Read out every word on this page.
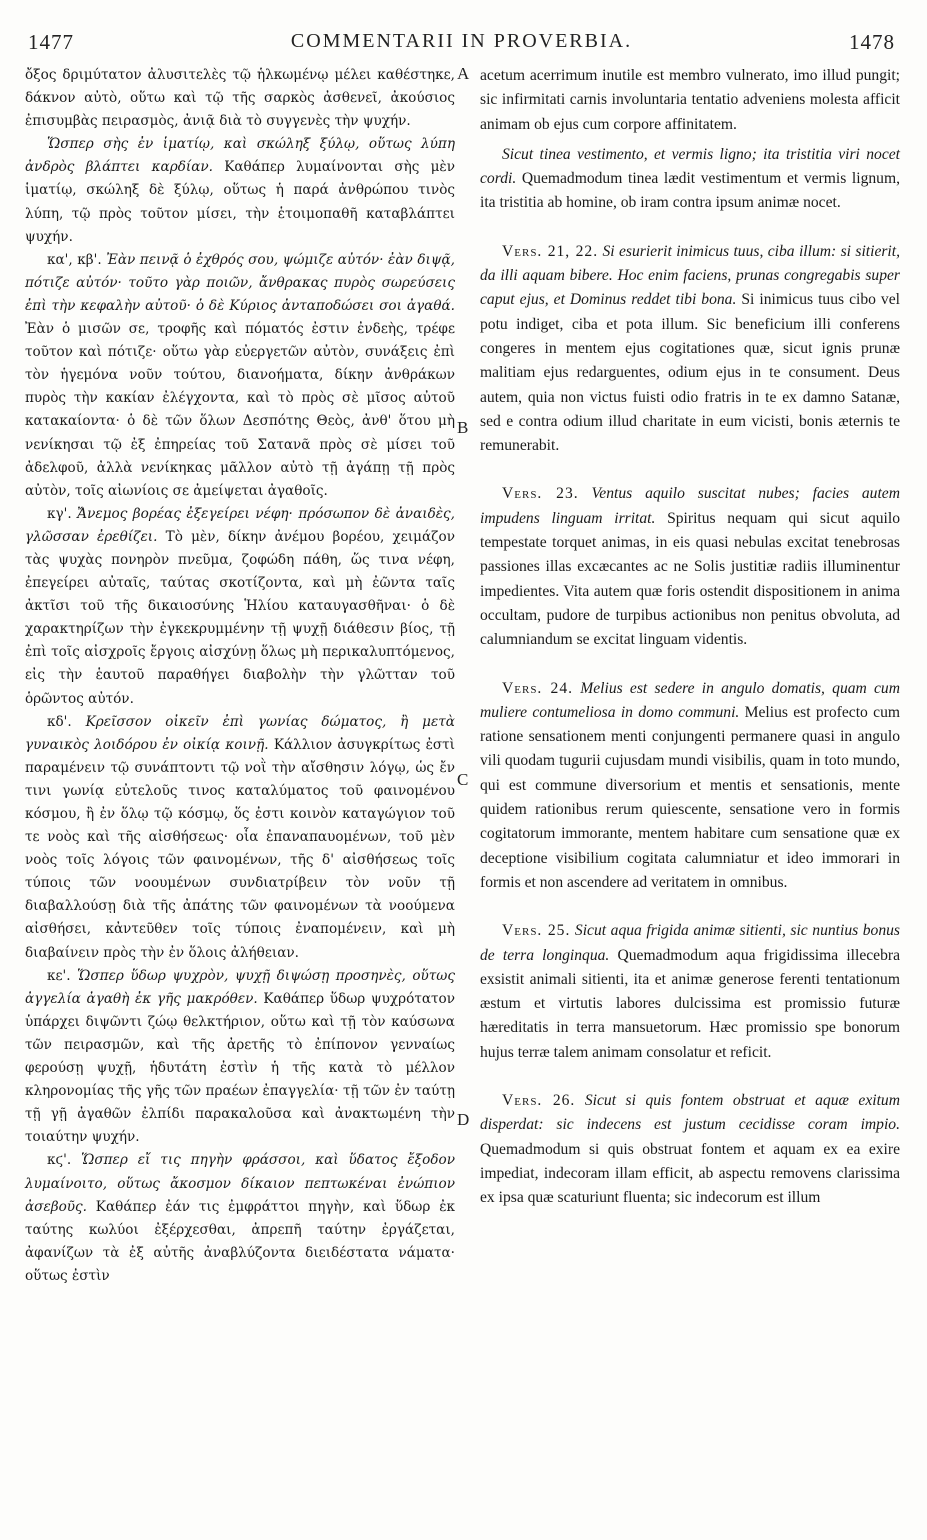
1477	COMMENTARII IN PROVERBIA.	1478

ὄξος δριμύτατον ἀλυσιτελὲς τῷ ἡλκωμένῳ μέλει καθέστηκε, δάκνον αὐτὸ, οὕτω καὶ τῷ τῆς σαρκὸς ἀσθενεῖ, ἀκούσιος ἐπισυμβὰς πειρασμὸς, ἀνιᾷ διὰ τὸ συγγενὲς τὴν ψυχήν.

Ὥσπερ σὴς ἐν ἱματίῳ, καὶ σκώληξ ξύλῳ, οὕτως λύπη ἀνδρὸς βλάπτει καρδίαν. Καθάπερ λυμαίνονται σὴς μὲν ἱματίῳ, σκώληξ δὲ ξύλῳ, οὕτως ἡ παρά ἀνθρώπου τινὸς λύπη, τῷ πρὸς τοῦτον μίσει, τὴν ἑτοιμοπαθῆ καταβλάπτει ψυχήν.

κα', κβ'. Ἐὰν πεινᾷ ὁ ἐχθρός σου, ψώμιζε αὐτόν· ἐὰν διψᾷ, πότιζε αὐτόν· τοῦτο γὰρ ποιῶν, ἄνθρακας πυρὸς σωρεύσεις ἐπὶ τὴν κεφαλὴν αὐτοῦ· ὁ δὲ Κύριος ἀνταποδώσει σοι ἀγαθά. Ἐὰν ὁ μισῶν σε, τροφῆς καὶ πόματός ἐστιν ἐνδεὴς, τρέφε τοῦτον καὶ πότιζε· οὕτω γὰρ εὐεργετῶν αὐτὸν, συνάξεις ἐπὶ τὸν ἡγεμόνα νοῦν τούτου, διανοήματα, δίκην ἀνθράκων πυρὸς τὴν κακίαν ἐλέγχοντα, καὶ τὸ πρὸς σὲ μῖσος αὐτοῦ κατακαίοντα· ὁ δὲ τῶν ὅλων Δεσπότης Θεὸς, ἀνθ' ὅτου μὴ νενίκησαι τῷ ἐξ ἐπηρείας τοῦ Σατανᾶ πρὸς σὲ μίσει τοῦ ἀδελφοῦ, ἀλλὰ νενίκηκας μᾶλλον αὐτὸ τῇ ἀγάπῃ τῇ πρὸς αὐτὸν, τοῖς αἰωνίοις σε ἀμείψεται ἀγαθοῖς.

κγ'. Ἄνεμος βορέας ἐξεγείρει νέφη· πρόσωπον δὲ ἀναιδὲς, γλῶσσαν ἐρεθίζει. Τὸ μὲν, δίκην ἀνέμου βορέου, χειμάζον τὰς ψυχὰς πονηρὸν πνεῦμα, ζοφώδη πάθη, ὥς τινα νέφη, ἐπεγείρει αὐταῖς, ταύτας σκοτίζοντα, καὶ μὴ ἐῶντα ταῖς ἀκτῖσι τοῦ τῆς δικαιοσύνης Ἡλίου καταυγασθῆναι· ὁ δὲ χαρακτηρίζων τὴν ἐγκεκρυμμένην τῇ ψυχῇ διάθεσιν βίος, τῇ ἐπὶ τοῖς αἰσχροῖς ἔργοις αἰσχύνῃ ὅλως μὴ περικαλυπτόμενος, εἰς τὴν ἑαυτοῦ παραθήγει διαβολὴν τὴν γλῶτταν τοῦ ὁρῶντος αὐτόν.

κδ'. Κρεῖσσον οἰκεῖν ἐπὶ γωνίας δώματος, ἢ μετὰ γυναικὸς λοιδόρου ἐν οἰκίᾳ κοινῇ. Κάλλιον ἀσυγκρίτως ἐστὶ παραμένειν τῷ συνάπτοντι τῷ νοῒ τὴν αἴσθησιν λόγῳ, ὡς ἔν τινι γωνίᾳ εὐτελοῦς τινος καταλύματος τοῦ φαινομένου κόσμου, ἢ ἐν ὅλῳ τῷ κόσμῳ, ὅς ἐστι κοινὸν καταγώγιον τοῦ τε νοὸς καὶ τῆς αἰσθήσεως· οἷα ἐπαναπαυομένων, τοῦ μὲν νοὸς τοῖς λόγοις τῶν φαινομένων, τῆς δ' αἰσθήσεως τοῖς τύποις τῶν νοουμένων συνδιατρίβειν τὸν νοῦν τῇ διαβαλλούσῃ διὰ τῆς ἀπάτης τῶν φαινομένων τὰ νοούμενα αἰσθήσει, κἀντεῦθεν τοῖς τύποις ἐναπομένειν, καὶ μὴ διαβαίνειν πρὸς τὴν ἐν ὅλοις ἀλήθειαν.

κε'. Ὥσπερ ὕδωρ ψυχρὸν, ψυχῇ διψώσῃ προσηνὲς, οὕτως ἀγγελία ἀγαθὴ ἐκ γῆς μακρόθεν. Καθάπερ ὕδωρ ψυχρότατον ὑπάρχει διψῶντι ζώῳ θελκτήριον, οὕτω καὶ τῇ τὸν καύσωνα τῶν πειρασμῶν, καὶ τῆς ἀρετῆς τὸ ἐπίπονον γενναίως φερούσῃ ψυχῇ, ἡδυτάτη ἐστὶν ἡ τῆς κατὰ τὸ μέλλον κληρονομίας τῆς γῆς τῶν πραέων ἐπαγγελία· τῇ τῶν ἐν ταύτῃ τῇ γῇ ἀγαθῶν ἐλπίδι παρακαλοῦσα καὶ ἀνακτωμένη τὴν τοιαύτην ψυχήν.

κϛ'. Ὥσπερ εἴ τις πηγὴν φράσσοι, καὶ ὕδατος ἔξοδον λυμαίνοιτο, οὕτως ἄκοσμον δίκαιον πεπτωκέναι ἐνώπιον ἀσεβοῦς. Καθάπερ ἐάν τις ἐμφράττοι πηγὴν, καὶ ὕδωρ ἐκ ταύτης κωλύοι ἐξέρχεσθαι, ἀπρεπῆ ταύτην ἐργάζεται, ἀφανίζων τὰ ἐξ αὐτῆς ἀναβλύζοντα διειδέστατα νάματα· οὕτως ἐστὶν

A
B
C
D

acetum acerrimum inutile est membro vulnerato, imo illud pungit; sic infirmitati carnis involuntaria tentatio adveniens molesta afficit animam ob ejus cum corpore affinitatem.

Sicut tinea vestimento, et vermis ligno; ita tristitia viri nocet cordi. Quemadmodum tinea lædit vestimentum et vermis lignum, ita tristitia ab homine, ob iram contra ipsum animæ nocet.

Vers. 21, 22. Si esurierit inimicus tuus, ciba illum: si sitierit, da illi aquam bibere. Hoc enim faciens, prunas congregabis super caput ejus, et Dominus reddet tibi bona. Si inimicus tuus cibo vel potu indiget, ciba et pota illum. Sic beneficium illi conferens congeres in mentem ejus cogitationes quæ, sicut ignis prunæ malitiam ejus redarguentes, odium ejus in te consument. Deus autem, quia non victus fuisti odio fratris in te ex damno Satanæ, sed e contra odium illud charitate in eum vicisti, bonis æternis te remunerabit.

Vers. 23. Ventus aquilo suscitat nubes; facies autem impudens linguam irritat. Spiritus nequam qui sicut aquilo tempestate torquet animas, in eis quasi nebulas excitat tenebrosas passiones illas excæcantes ac ne Solis justitiæ radiis illuminentur impedientes. Vita autem quæ foris ostendit dispositionem in anima occultam, pudore de turpibus actionibus non penitus obvoluta, ad calumniandum se excitat linguam videntis.

Vers. 24. Melius est sedere in angulo domatis, quam cum muliere contumeliosa in domo communi. Melius est profecto cum ratione sensationem menti conjungenti permanere quasi in angulo vili quodam tugurii cujusdam mundi visibilis, quam in toto mundo, qui est commune diversorium et mentis et sensationis, mente quidem rationibus rerum quiescente, sensatione vero in formis cogitatorum immorante, mentem habitare cum sensatione quæ ex deceptione visibilium cogitata calumniatur et ideo immorari in formis et non ascendere ad veritatem in omnibus.

Vers. 25. Sicut aqua frigida animæ sitienti, sic nuntius bonus de terra longinqua. Quemadmodum aqua frigidissima illecebra exsistit animali sitienti, ita et animæ generose ferenti tentationum æstum et virtutis labores dulcissima est promissio futuræ hæreditatis in terra mansuetorum. Hæc promissio spe bonorum hujus terræ talem animam consolatur et reficit.

Vers. 26. Sicut si quis fontem obstruat et aquæ exitum disperdat: sic indecens est justum cecidisse coram impio. Quemadmodum si quis obstruat fontem et aquam ex ea exire impediat, indecoram illam efficit, ab aspectu removens clarissima ex ipsa quæ scaturiunt fluenta; sic indecorum est illum
